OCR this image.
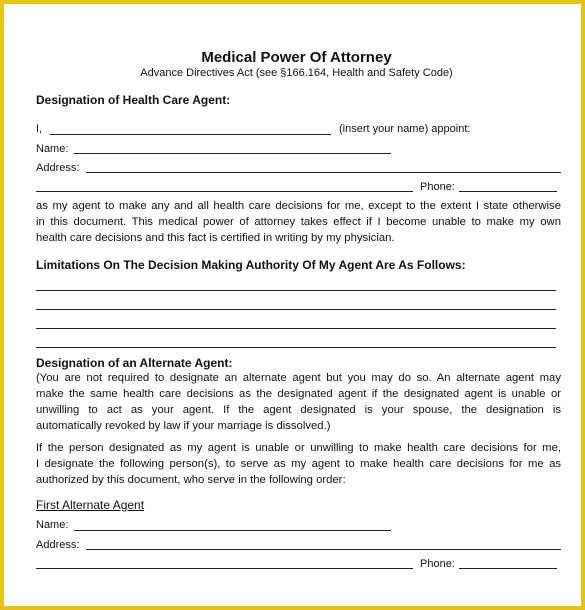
Medical Power Of Attorney
Advance Directives Act (see §166.164, Health and Safety Code)
Designation of Health Care Agent:
I,	(insert your name) appoint:
Name:
Address:
Phone:
as my agent to make any and all health care decisions for me, except to the extent I state otherwise
in this document. This medical power of attorney takes effect if I become unable to make my own
health care decisions and this fact is certified in writing by my physician.
Limitations On The Decision Making Authority Of My Agent Are As Follows:
Designation of an Alternate Agent:
(You are not required to designate an alternate agent but you may do so. An alternate agent may
make the same health care decisions as the designated agent if the designated agent is unable or
unwilling to act as your agent. If the agent designated is your spouse, the designation is
automatically revoked by law if your marriage is dissolved.)
If the person designated as my agent is unable or unwilling to make health care decisions for me,
I designate the following person(s), to serve as my agent to make health care decisions for me as
authorized by this document, who serve in the following order:
First Alternate Agent
Name:
Address:
Phone:
